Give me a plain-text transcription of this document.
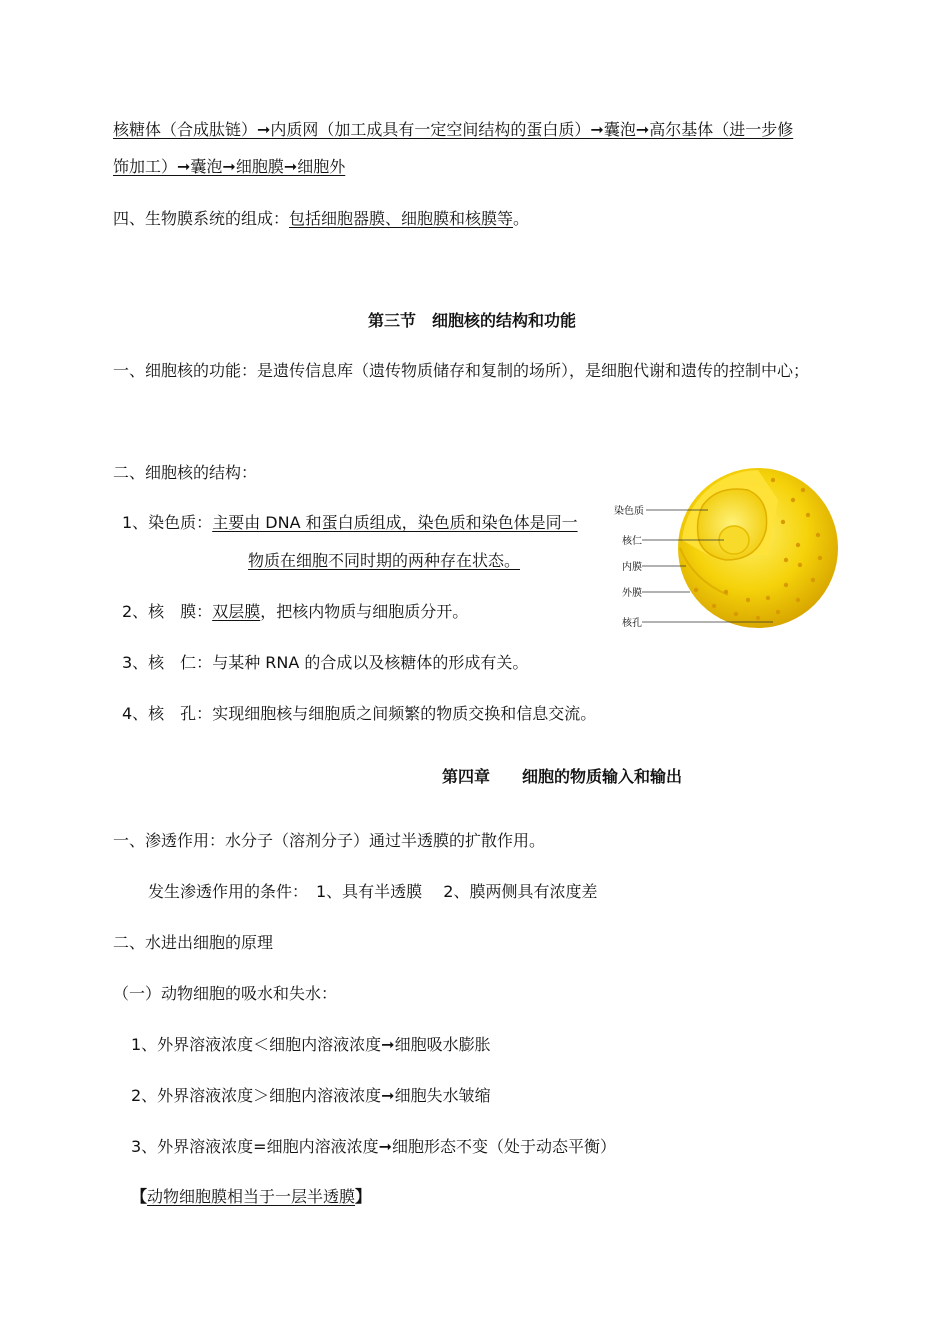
核糖体（合成肽链）➞内质网（加工成具有一定空间结构的蛋白质）➞囊泡➞高尔基体（进一步修
饰加工）➞囊泡➞细胞膜➞细胞外
四、生物膜系统的组成：包括细胞器膜、细胞膜和核膜等。
第三节　细胞核的结构和功能
一、细胞核的功能：是遗传信息库（遗传物质储存和复制的场所），是细胞代谢和遗传的控制中心；
二、细胞核的结构：
1、染色质：主要由 DNA 和蛋白质组成，染色质和染色体是同一
物质在细胞不同时期的两种存在状态。
2、核　膜：双层膜，把核内物质与细胞质分开。
3、核　仁：与某种 RNA 的合成以及核糖体的形成有关。
4、核　孔：实现细胞核与细胞质之间频繁的物质交换和信息交流。
染色质
核仁
内膜
外膜
核孔
第四章　　细胞的物质输入和输出
一、渗透作用：水分子（溶剂分子）通过半透膜的扩散作用。
发生渗透作用的条件：　1、具有半透膜　 2、膜两侧具有浓度差
二、水进出细胞的原理
（一）动物细胞的吸水和失水：
1、外界溶液浓度＜细胞内溶液浓度➞细胞吸水膨胀
2、外界溶液浓度＞细胞内溶液浓度➞细胞失水皱缩
3、外界溶液浓度=细胞内溶液浓度➞细胞形态不变（处于动态平衡）
【动物细胞膜相当于一层半透膜】
